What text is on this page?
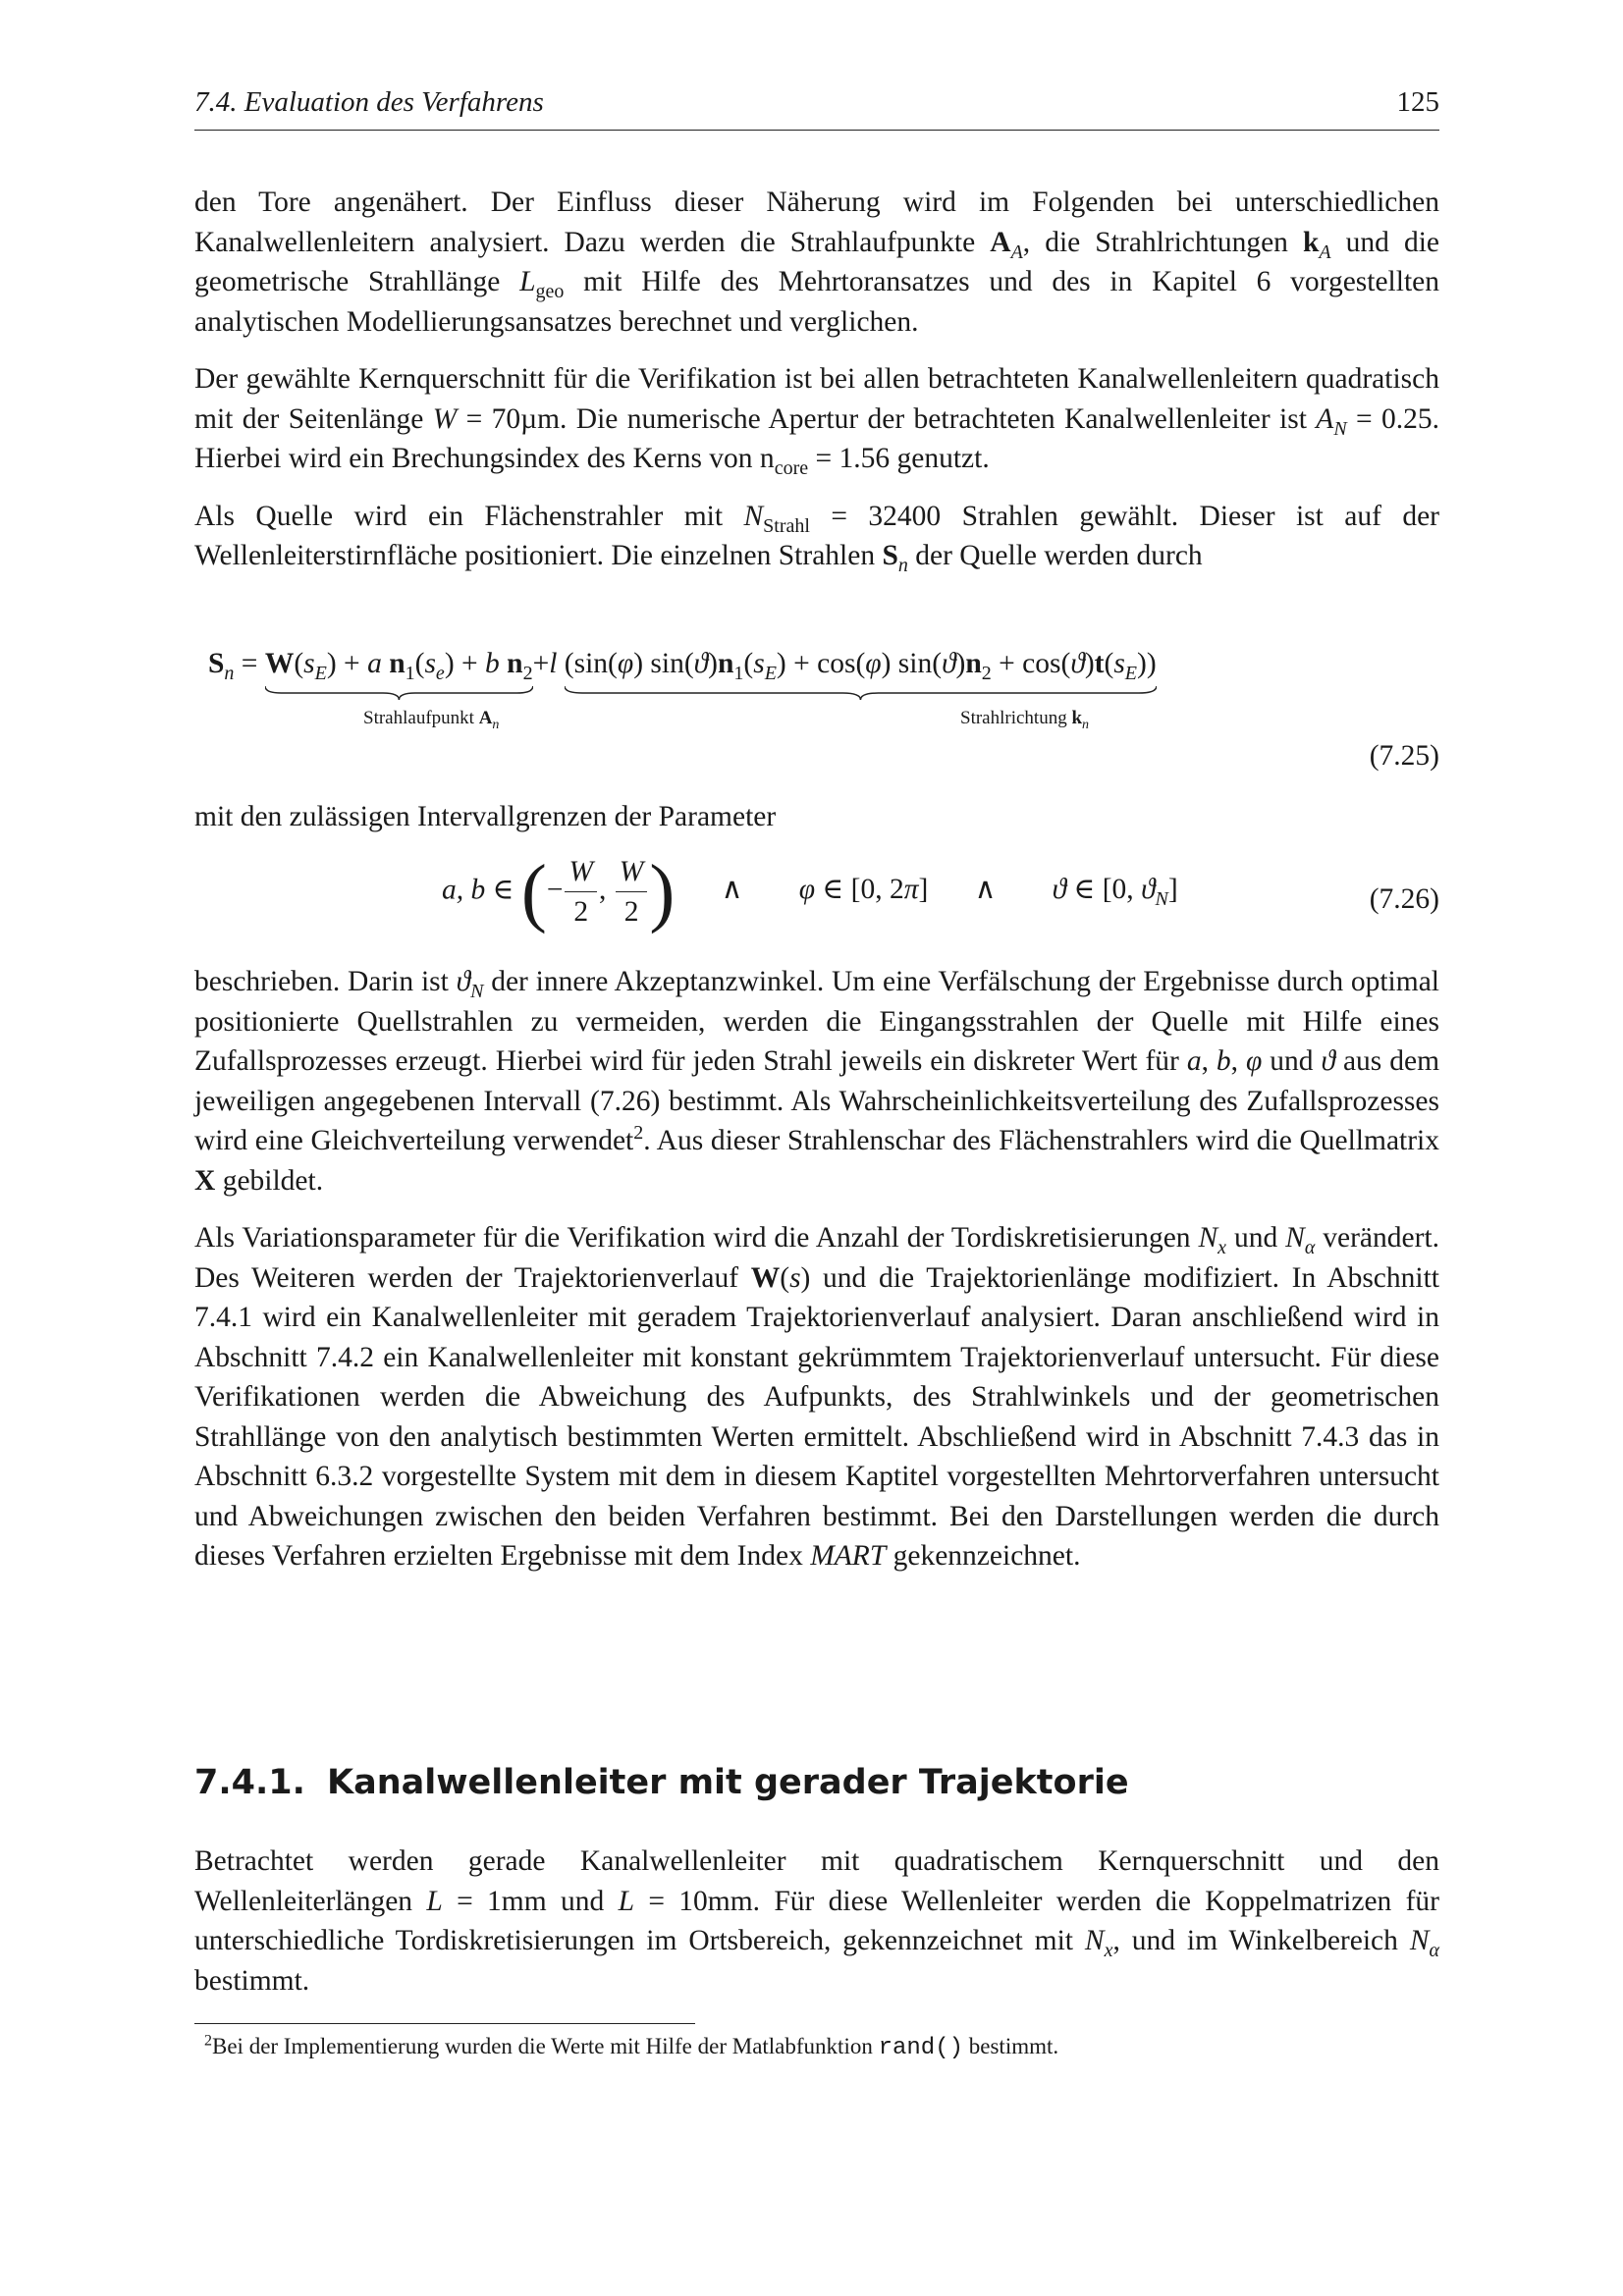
7.4. Evaluation des Verfahrens	125

den Tore angenähert. Der Einfluss dieser Näherung wird im Folgenden bei unterschiedlichen Kanalwellenleitern analysiert. Dazu werden die Strahlaufpunkte $A_A$, die Strahlrichtungen $k_A$ und die geometrische Strahllänge $L_{geo}$ mit Hilfe des Mehrtoransatzes und des in Kapitel 6 vorgestellten analytischen Modellierungsansatzes berechnet und verglichen.

Der gewählte Kernquerschnitt für die Verifikation ist bei allen betrachteten Kanalwellenleitern quadratisch mit der Seitenlänge W = 70µm. Die numerische Apertur der betrachteten Kanalwellenleiter ist $A_N = 0.25$. Hierbei wird ein Brechungsindex des Kerns von $n_{core} = 1.56$ genutzt.

Als Quelle wird ein Flächenstrahler mit $N_{Strahl} = 32400$ Strahlen gewählt. Dieser ist auf der Wellenleiterstirnfläche positioniert. Die einzelnen Strahlen $S_n$ der Quelle werden durch

$S_n = W(s_E) + a$ $n_1(s_e) + b$ $n_2$
+l (sin(φ) $\sin(ϑ)n_1(s_E) + \cos(\varphi) \sin(ϑ)n_2 + \cos(ϑ)t(s_E)$)
Strahlaufpunkt $A_n$	Strahlrichtung $k_n$
(7.25)

mit den zulässigen Intervallgrenzen der Parameter

a, b ∈ (− $\frac{W}{2}$ , $\frac{W}{2}$ ) ∧ φ ∈ [0, 2π] ∧ ϑ ∈ [0, $ϑ_N$]	(7.26)

beschrieben. Darin ist $ϑ_N$ der innere Akzeptanzwinkel. Um eine Verfälschung der Ergebnisse durch optimal positionierte Quellstrahlen zu vermeiden, werden die Eingangsstrahlen der Quelle mit Hilfe eines Zufallsprozesses erzeugt. Hierbei wird für jeden Strahl jeweils ein diskreter Wert für a, b, φ und ϑ aus dem jeweiligen angegebenen Intervall (7.26) bestimmt. Als Wahrscheinlichkeitsverteilung des Zufallsprozesses wird eine Gleichverteilung verwendet$^2$. Aus dieser Strahlenschar des Flächenstrahlers wird die Quellmatrix X gebildet.

Als Variationsparameter für die Verifikation wird die Anzahl der Tordiskretisierungen $N_x$ und $N_\alpha$ verändert. Des Weiteren werden der Trajektorienverlauf W(s) und die Trajektorienlänge modifiziert. In Abschnitt 7.4.1 wird ein Kanalwellenleiter mit geradem Trajektorienverlauf analysiert. Daran anschließend wird in Abschnitt 7.4.2 ein Kanalwellenleiter mit konstant gekrümmtem Trajektorienverlauf untersucht. Für diese Verifikationen werden die Abweichung des Aufpunkts, des Strahlwinkels und der geometrischen Strahllänge von den analytisch bestimmten Werten ermittelt. Abschließend wird in Abschnitt 7.4.3 das in Abschnitt 6.3.2 vorgestellte System mit dem in diesem Kaptitel vorgestellten Mehrtorverfahren untersucht und Abweichungen zwischen den beiden Verfahren bestimmt. Bei den Darstellungen werden die durch dieses Verfahren erzielten Ergebnisse mit dem Index MART gekennzeichnet.

7.4.1. Kanalwellenleiter mit gerader Trajektorie

Betrachtet werden gerade Kanalwellenleiter mit quadratischem Kernquerschnitt und den Wellenleiterlängen L = 1mm und L = 10mm. Für diese Wellenleiter werden die Koppelmatrizen für unterschiedliche Tordiskretisierungen im Ortsbereich, gekennzeichnet mit $N_x$, und im Winkelbereich $N_\alpha$ bestimmt.

$^2$Bei der Implementierung wurden die Werte mit Hilfe der Matlabfunktion rand() bestimmt.
